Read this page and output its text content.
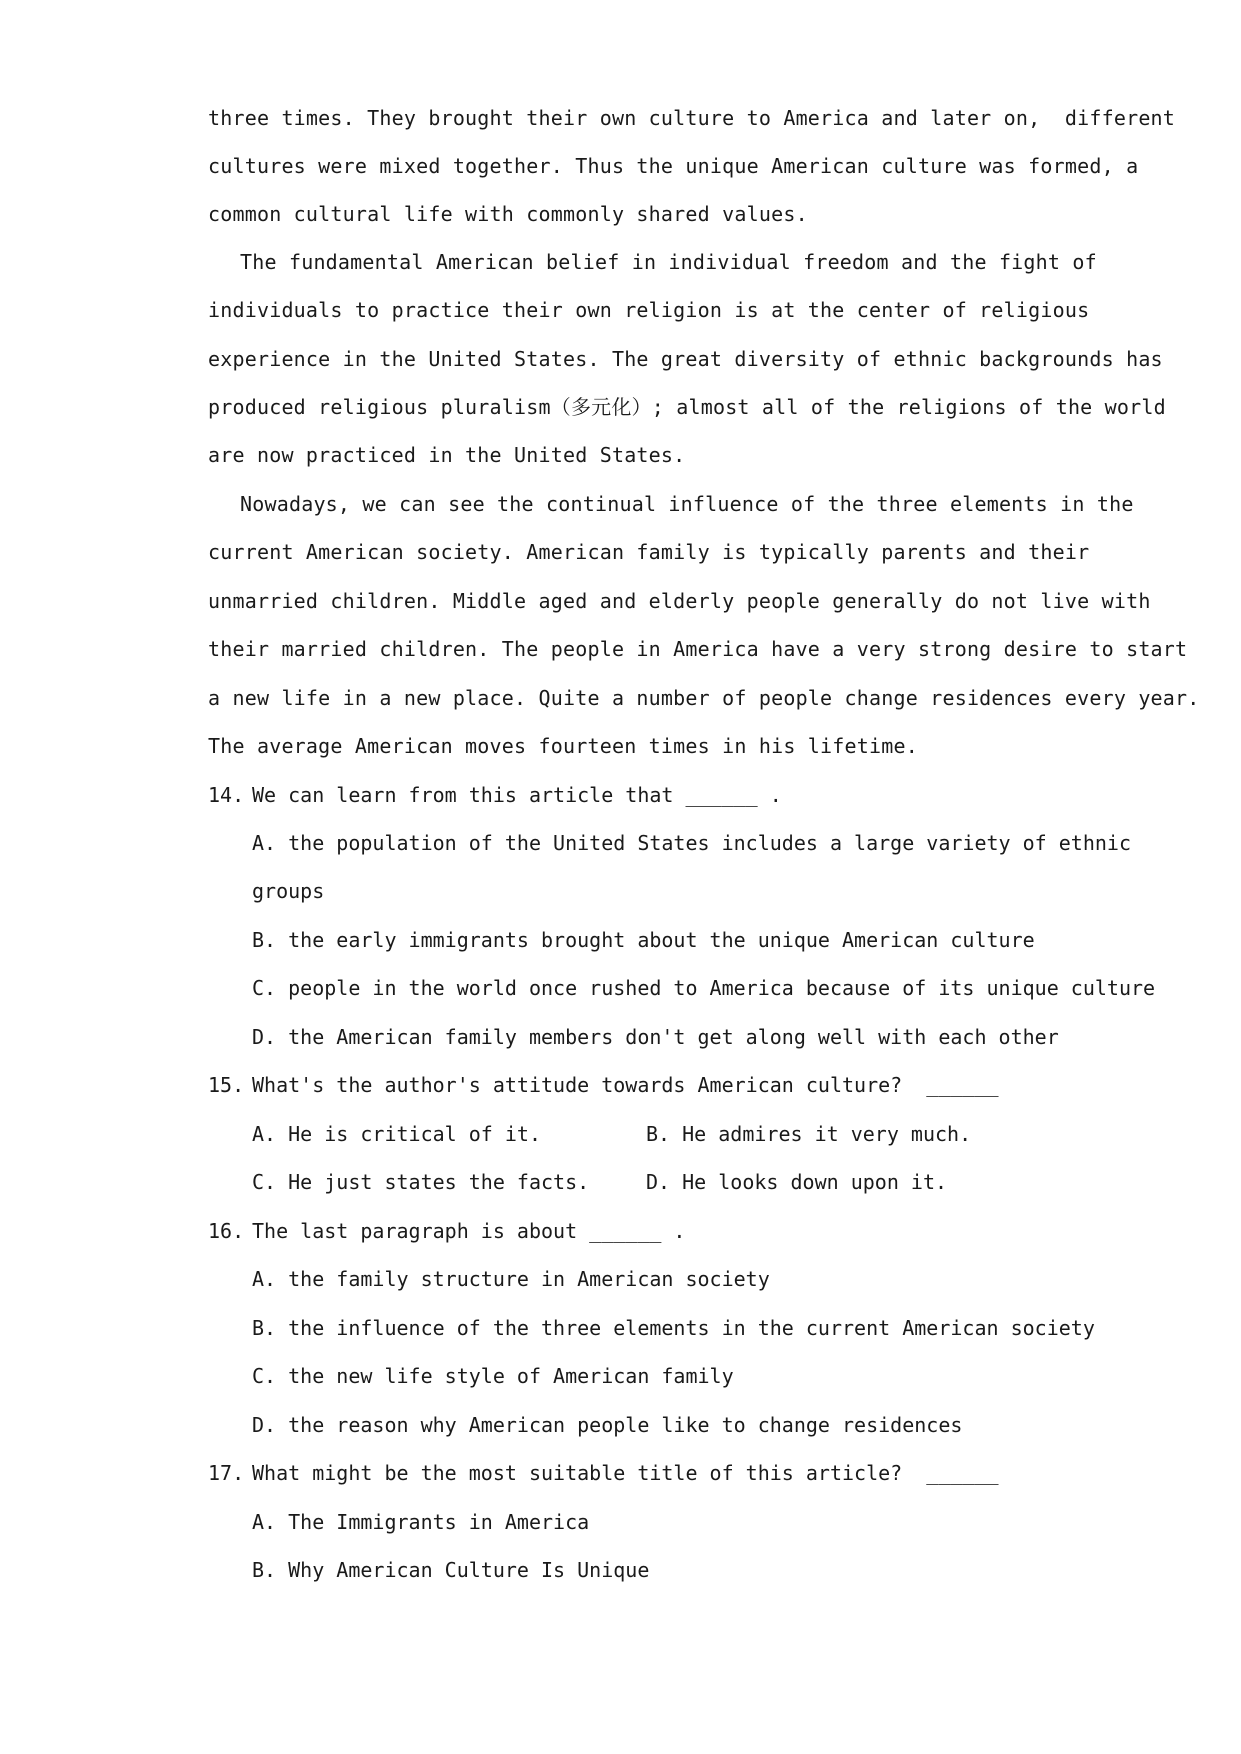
three times. They brought their own culture to America and later on,  different
cultures were mixed together. Thus the unique American culture was formed, a
common cultural life with commonly shared values.
The fundamental American belief in individual freedom and the fight of
individuals to practice their own religion is at the center of religious
experience in the United States. The great diversity of ethnic backgrounds has
produced religious pluralism（多元化）; almost all of the religions of the world
are now practiced in the United States.
Nowadays, we can see the continual influence of the three elements in the
current American society. American family is typically parents and their
unmarried children. Middle aged and elderly people generally do not live with
their married children. The people in America have a very strong desire to start
a new life in a new place. Quite a number of people change residences every year.
The average American moves fourteen times in his lifetime.
14. We can learn from this article that ______ .
A. the population of the United States includes a large variety of ethnic
groups
B. the early immigrants brought about the unique American culture
C. people in the world once rushed to America because of its unique culture
D. the American family members don't get along well with each other
15. What's the author's attitude towards American culture?  ______
A. He is critical of it.	B. He admires it very much.
C. He just states the facts.	D. He looks down upon it.
16. The last paragraph is about ______ .
A. the family structure in American society
B. the influence of the three elements in the current American society
C. the new life style of American family
D. the reason why American people like to change residences
17. What might be the most suitable title of this article?  ______
A. The Immigrants in America
B. Why American Culture Is Unique
